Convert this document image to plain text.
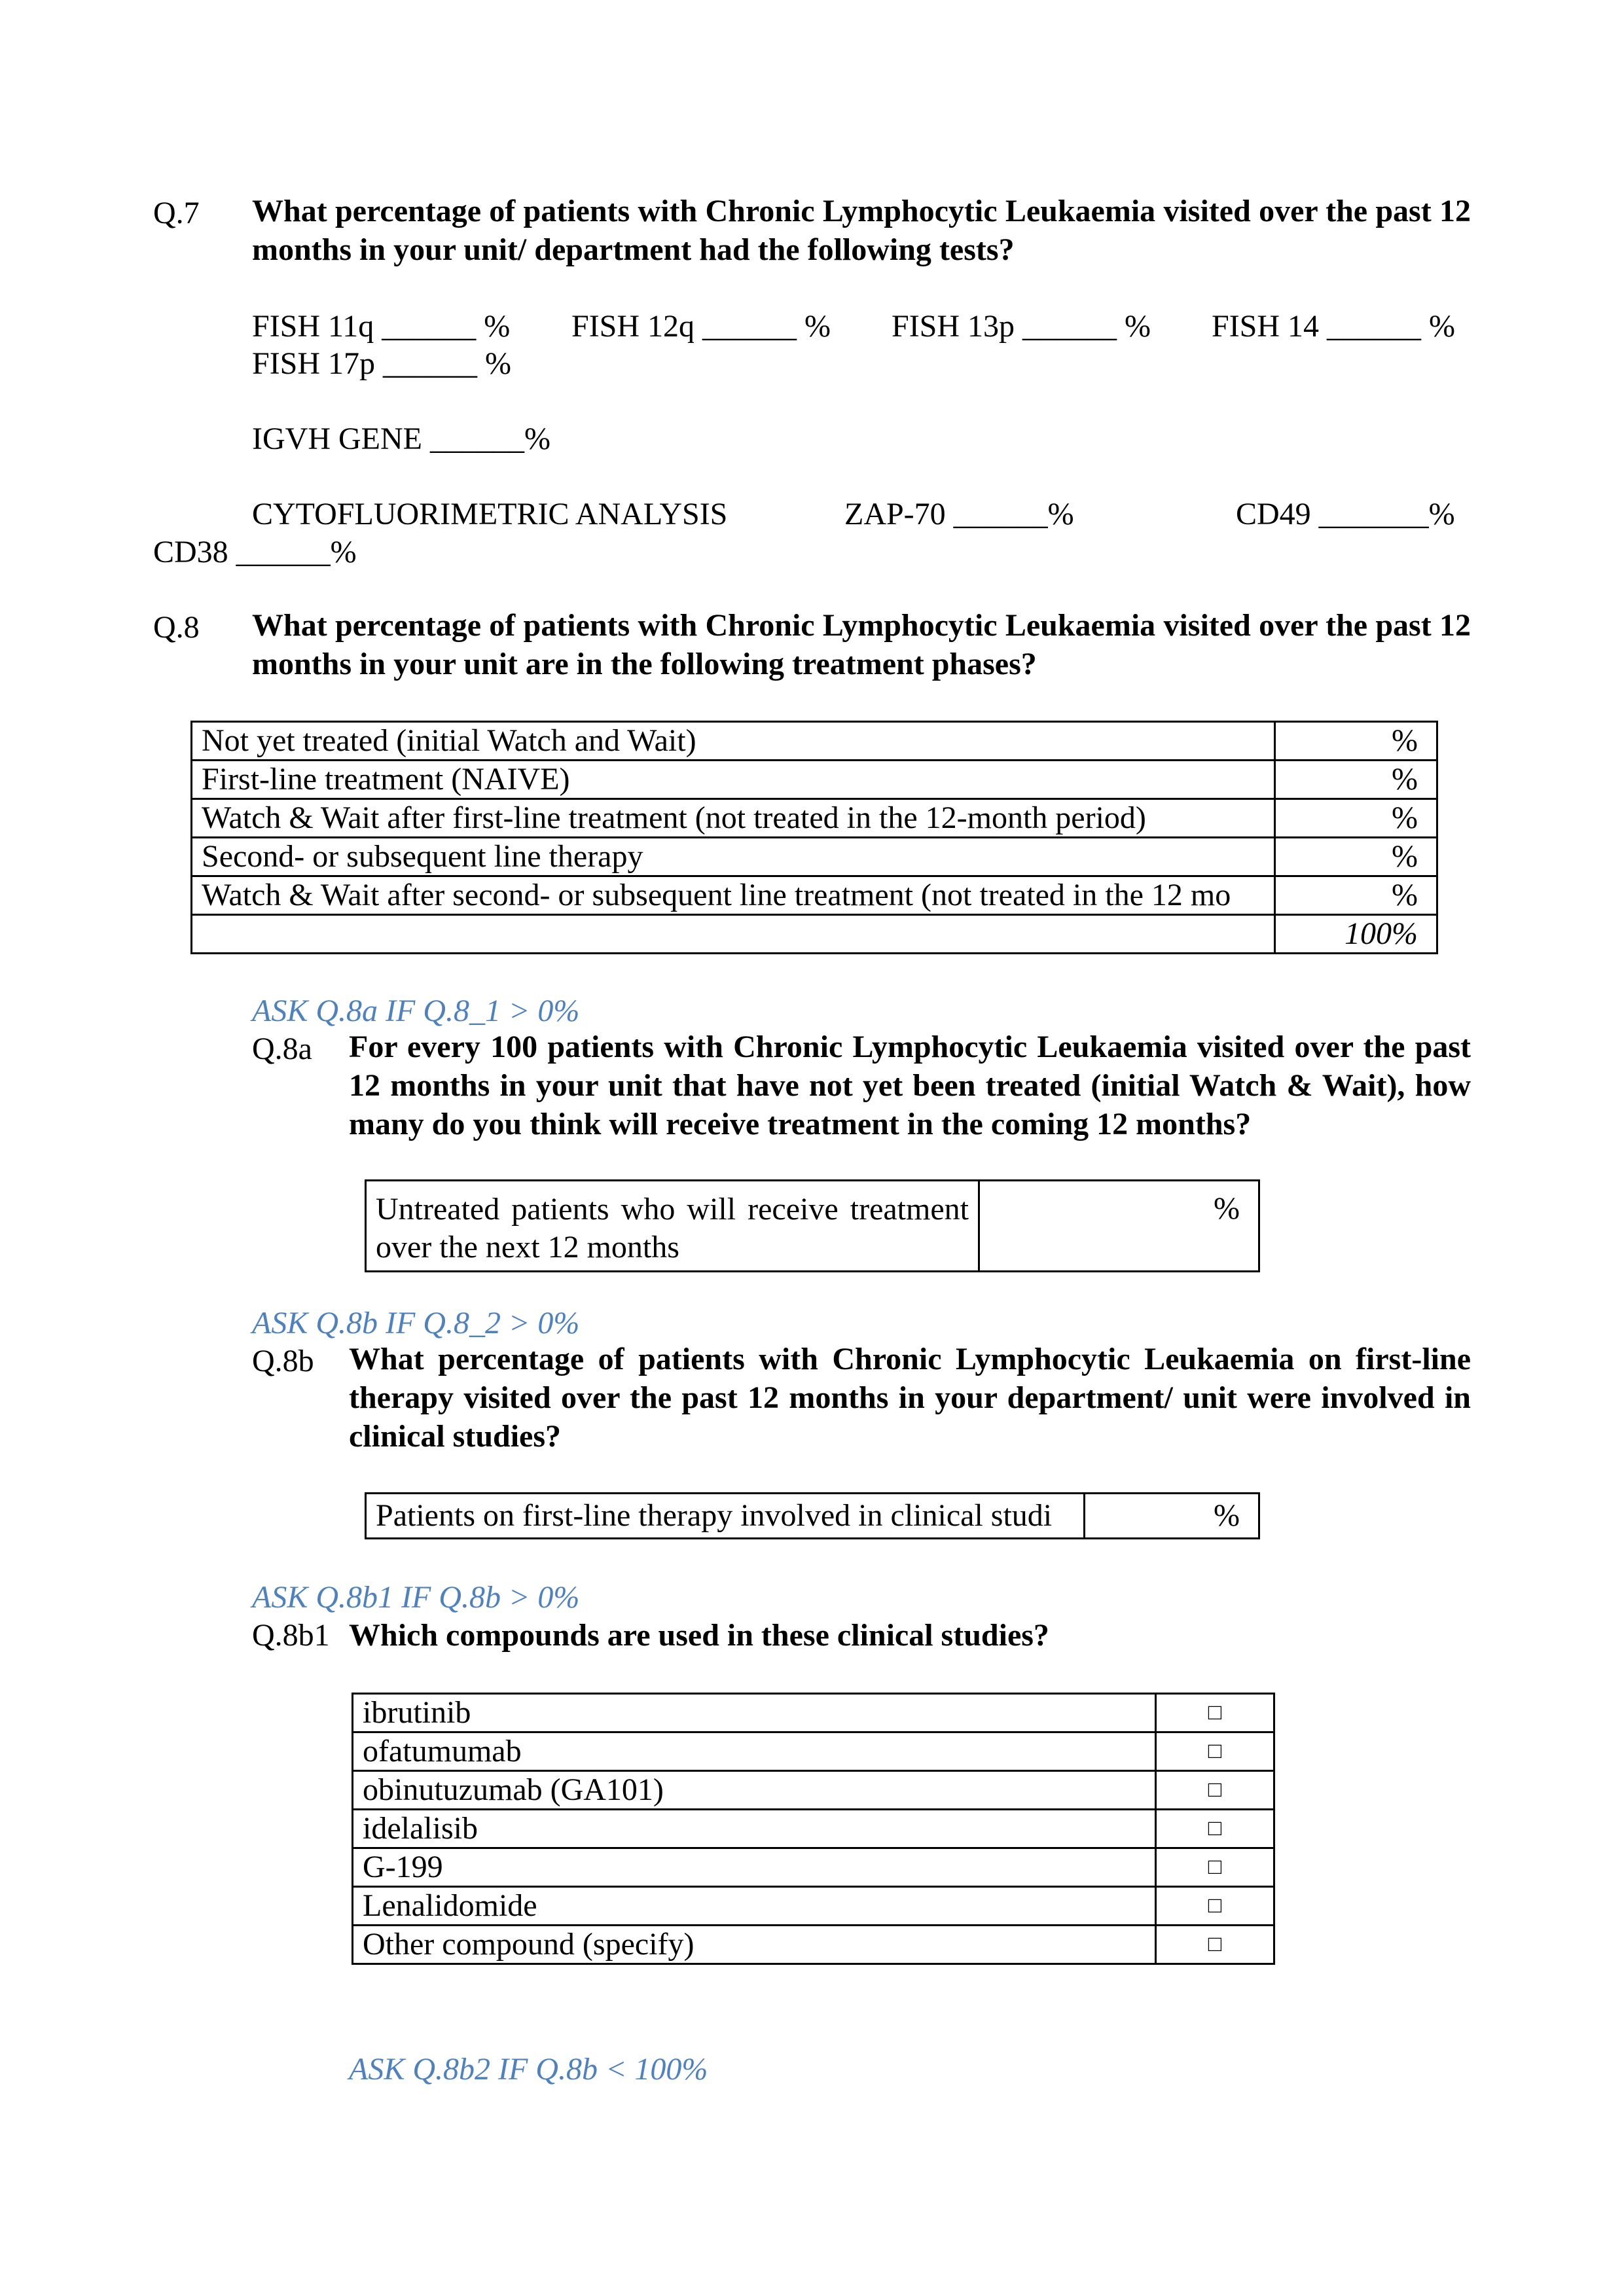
Q.7 What percentage of patients with Chronic Lymphocytic Leukaemia visited over the past 12 months in your unit/ department had the following tests?
FISH 11q ______ % FISH 12q ______ % FISH 13p ______ % FISH 14 ______ %
FISH 17p ______ %
IGVH GENE ______%
CYTOFLUORIMETRIC ANALYSIS	ZAP-70 ______%	CD49 _______%
CD38 ______%
Q.8 What percentage of patients with Chronic Lymphocytic Leukaemia visited over the past 12 months in your unit are in the following treatment phases?
Not yet treated (initial Watch and Wait)	%
First-line treatment (NAIVE)	%
Watch & Wait after first-line treatment (not treated in the 12-month period)	%
Second- or subsequent line therapy	%
Watch & Wait after second- or subsequent line treatment (not treated in the 12 mo	%
	100%
ASK Q.8a IF Q.8_1 > 0%
Q.8a For every 100 patients with Chronic Lymphocytic Leukaemia visited over the past 12 months in your unit that have not yet been treated (initial Watch & Wait), how many do you think will receive treatment in the coming 12 months?
Untreated patients who will receive treatment over the next 12 months	%
ASK Q.8b IF Q.8_2 > 0%
Q.8b What percentage of patients with Chronic Lymphocytic Leukaemia on first-line therapy visited over the past 12 months in your department/ unit were involved in clinical studies?
Patients on first-line therapy involved in clinical studi	%
ASK Q.8b1 IF Q.8b > 0%
Q.8b1 Which compounds are used in these clinical studies?
ibrutinib	□
ofatumumab	□
obinutuzumab (GA101)	□
idelalisib	□
G-199	□
Lenalidomide	□
Other compound (specify)	□
ASK Q.8b2 IF Q.8b < 100%
